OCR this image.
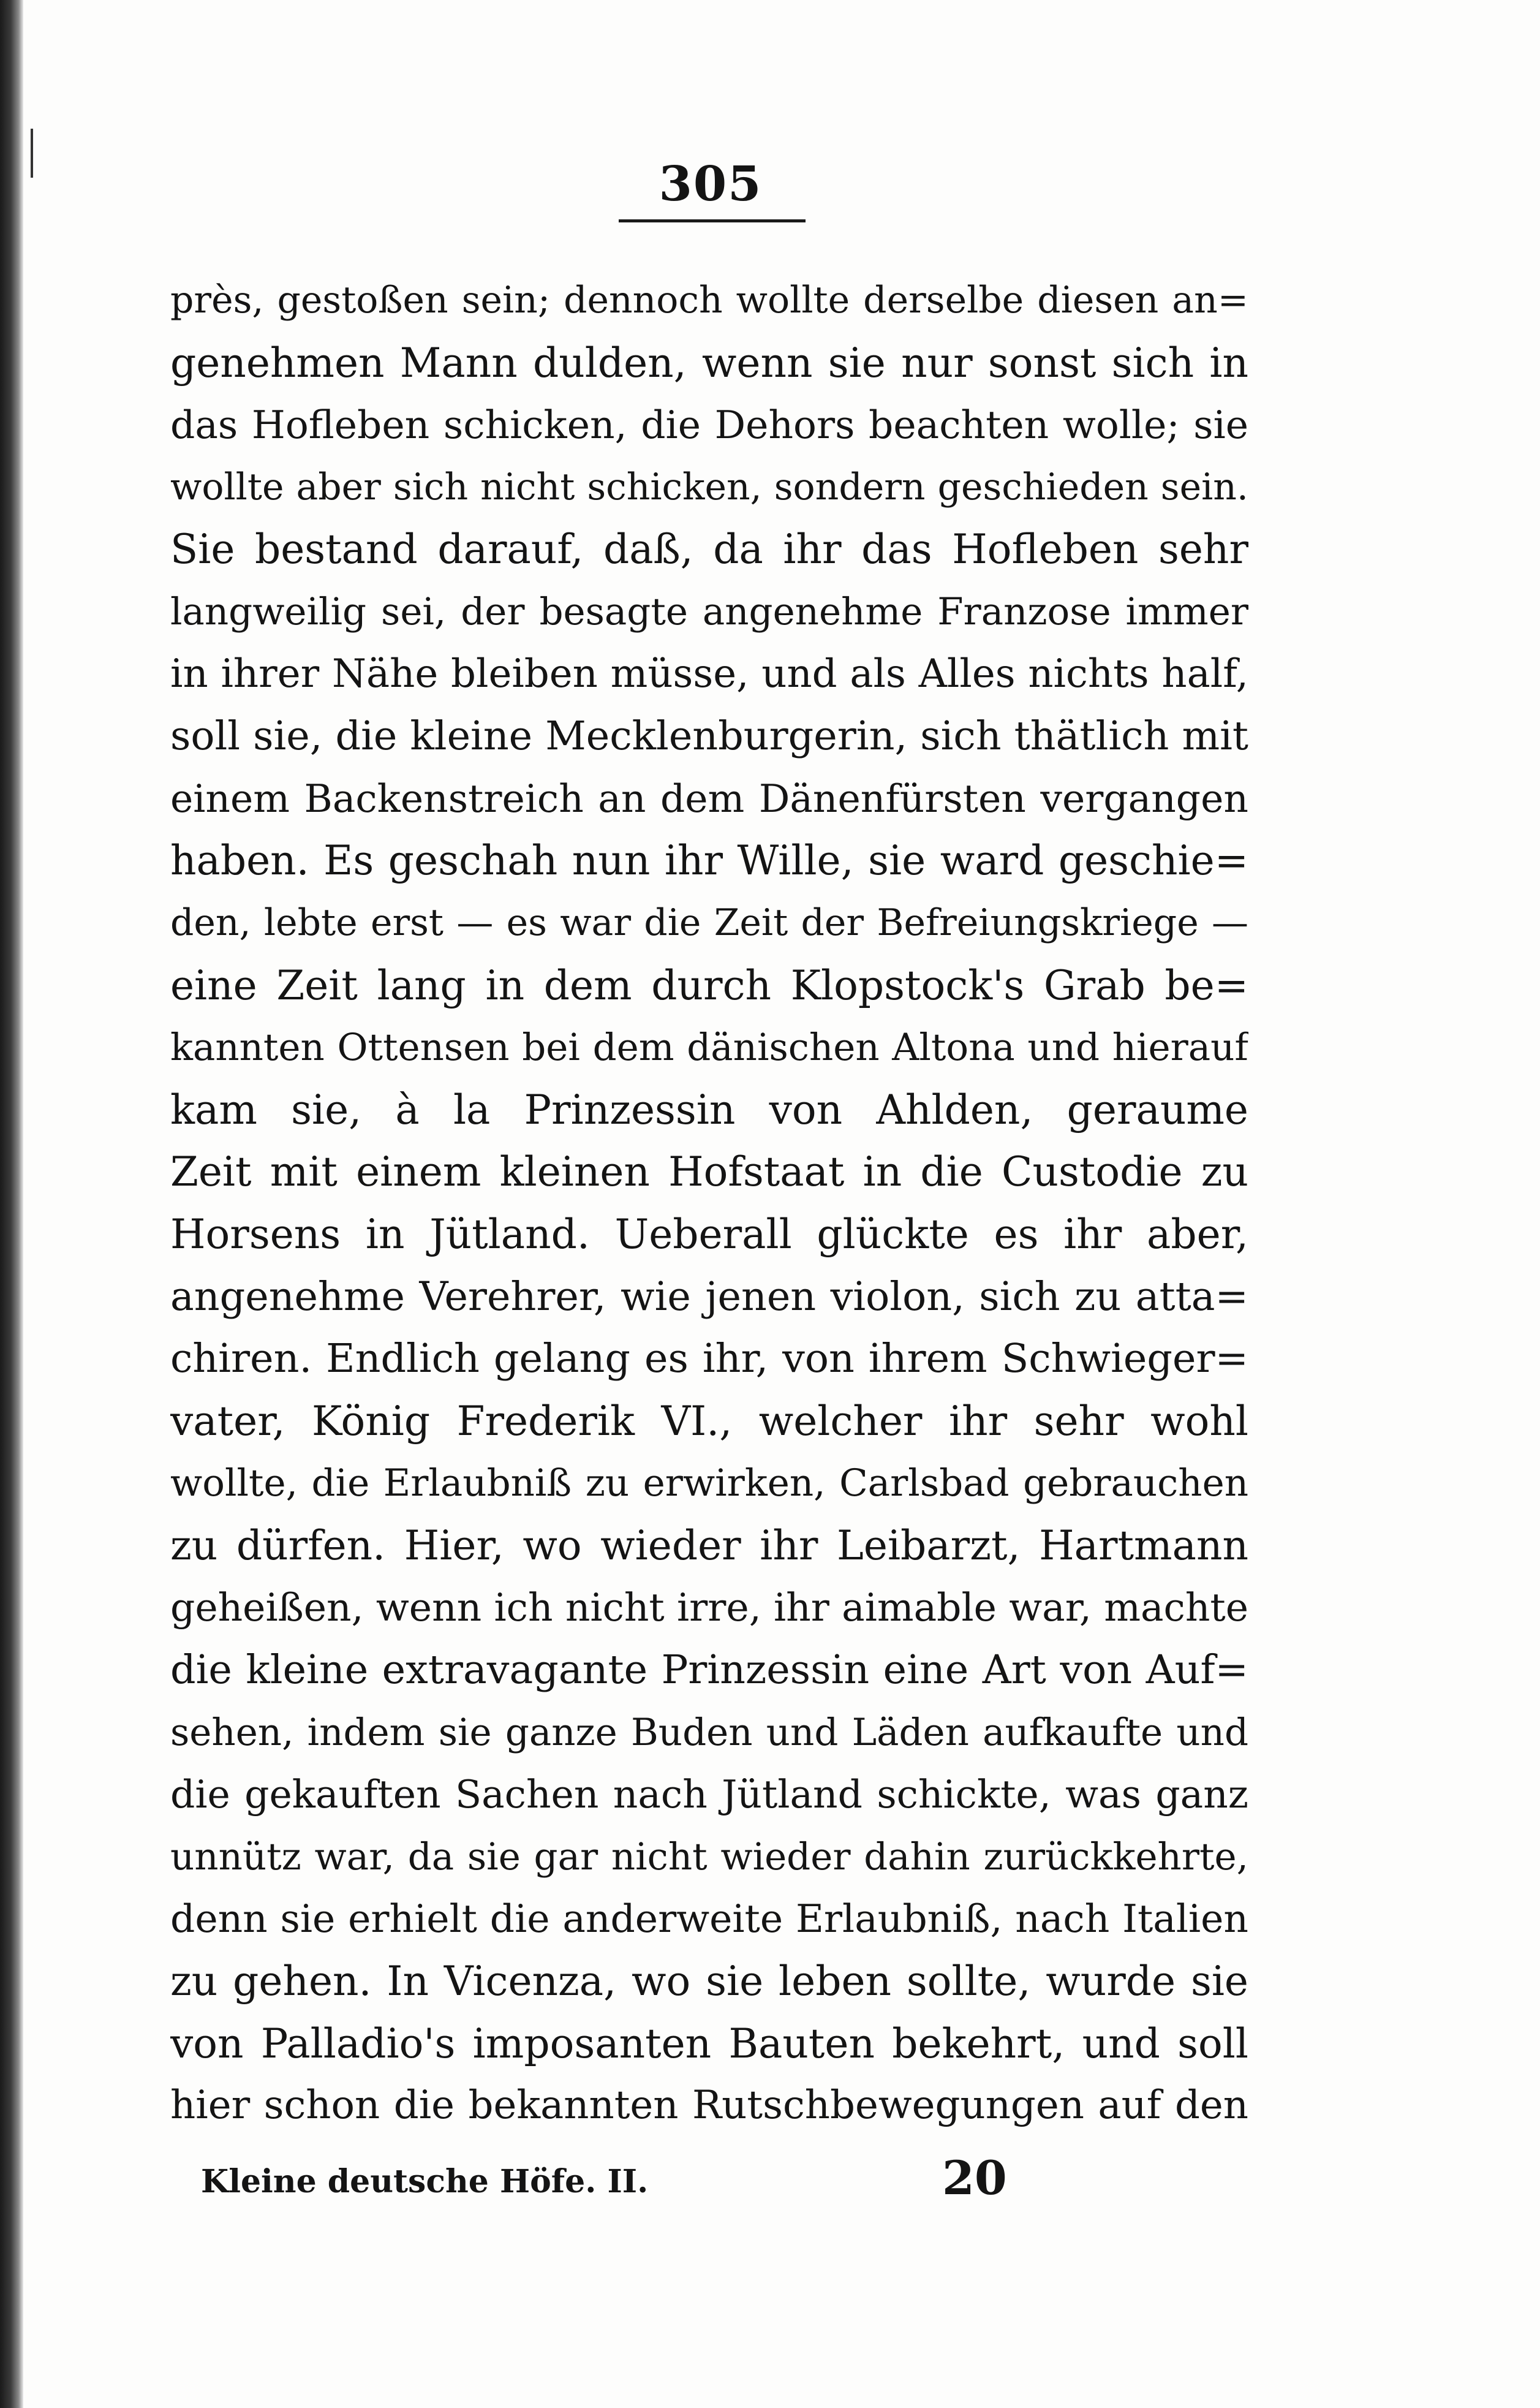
305
près, gestoßen sein; dennoch wollte derselbe diesen an=
genehmen Mann dulden, wenn sie nur sonst sich in
das Hofleben schicken, die Dehors beachten wolle; sie
wollte aber sich nicht schicken, sondern geschieden sein.
Sie bestand darauf, daß, da ihr das Hofleben sehr
langweilig sei, der besagte angenehme Franzose immer
in ihrer Nähe bleiben müsse, und als Alles nichts half,
soll sie, die kleine Mecklenburgerin, sich thätlich mit
einem Backenstreich an dem Dänenfürsten vergangen
haben. Es geschah nun ihr Wille, sie ward geschie=
den, lebte erst — es war die Zeit der Befreiungskriege —
eine Zeit lang in dem durch Klopstock's Grab be=
kannten Ottensen bei dem dänischen Altona und hierauf
kam sie, à la Prinzessin von Ahlden, geraume
Zeit mit einem kleinen Hofstaat in die Custodie zu
Horsens in Jütland. Ueberall glückte es ihr aber,
angenehme Verehrer, wie jenen violon, sich zu atta=
chiren. Endlich gelang es ihr, von ihrem Schwieger=
vater, König Frederik VI., welcher ihr sehr wohl
wollte, die Erlaubniß zu erwirken, Carlsbad gebrauchen
zu dürfen. Hier, wo wieder ihr Leibarzt, Hartmann
geheißen, wenn ich nicht irre, ihr aimable war, machte
die kleine extravagante Prinzessin eine Art von Auf=
sehen, indem sie ganze Buden und Läden aufkaufte und
die gekauften Sachen nach Jütland schickte, was ganz
unnütz war, da sie gar nicht wieder dahin zurückkehrte,
denn sie erhielt die anderweite Erlaubniß, nach Italien
zu gehen. In Vicenza, wo sie leben sollte, wurde sie
von Palladio's imposanten Bauten bekehrt, und soll
hier schon die bekannten Rutschbewegungen auf den
Kleine deutsche Höfe. II.	20
